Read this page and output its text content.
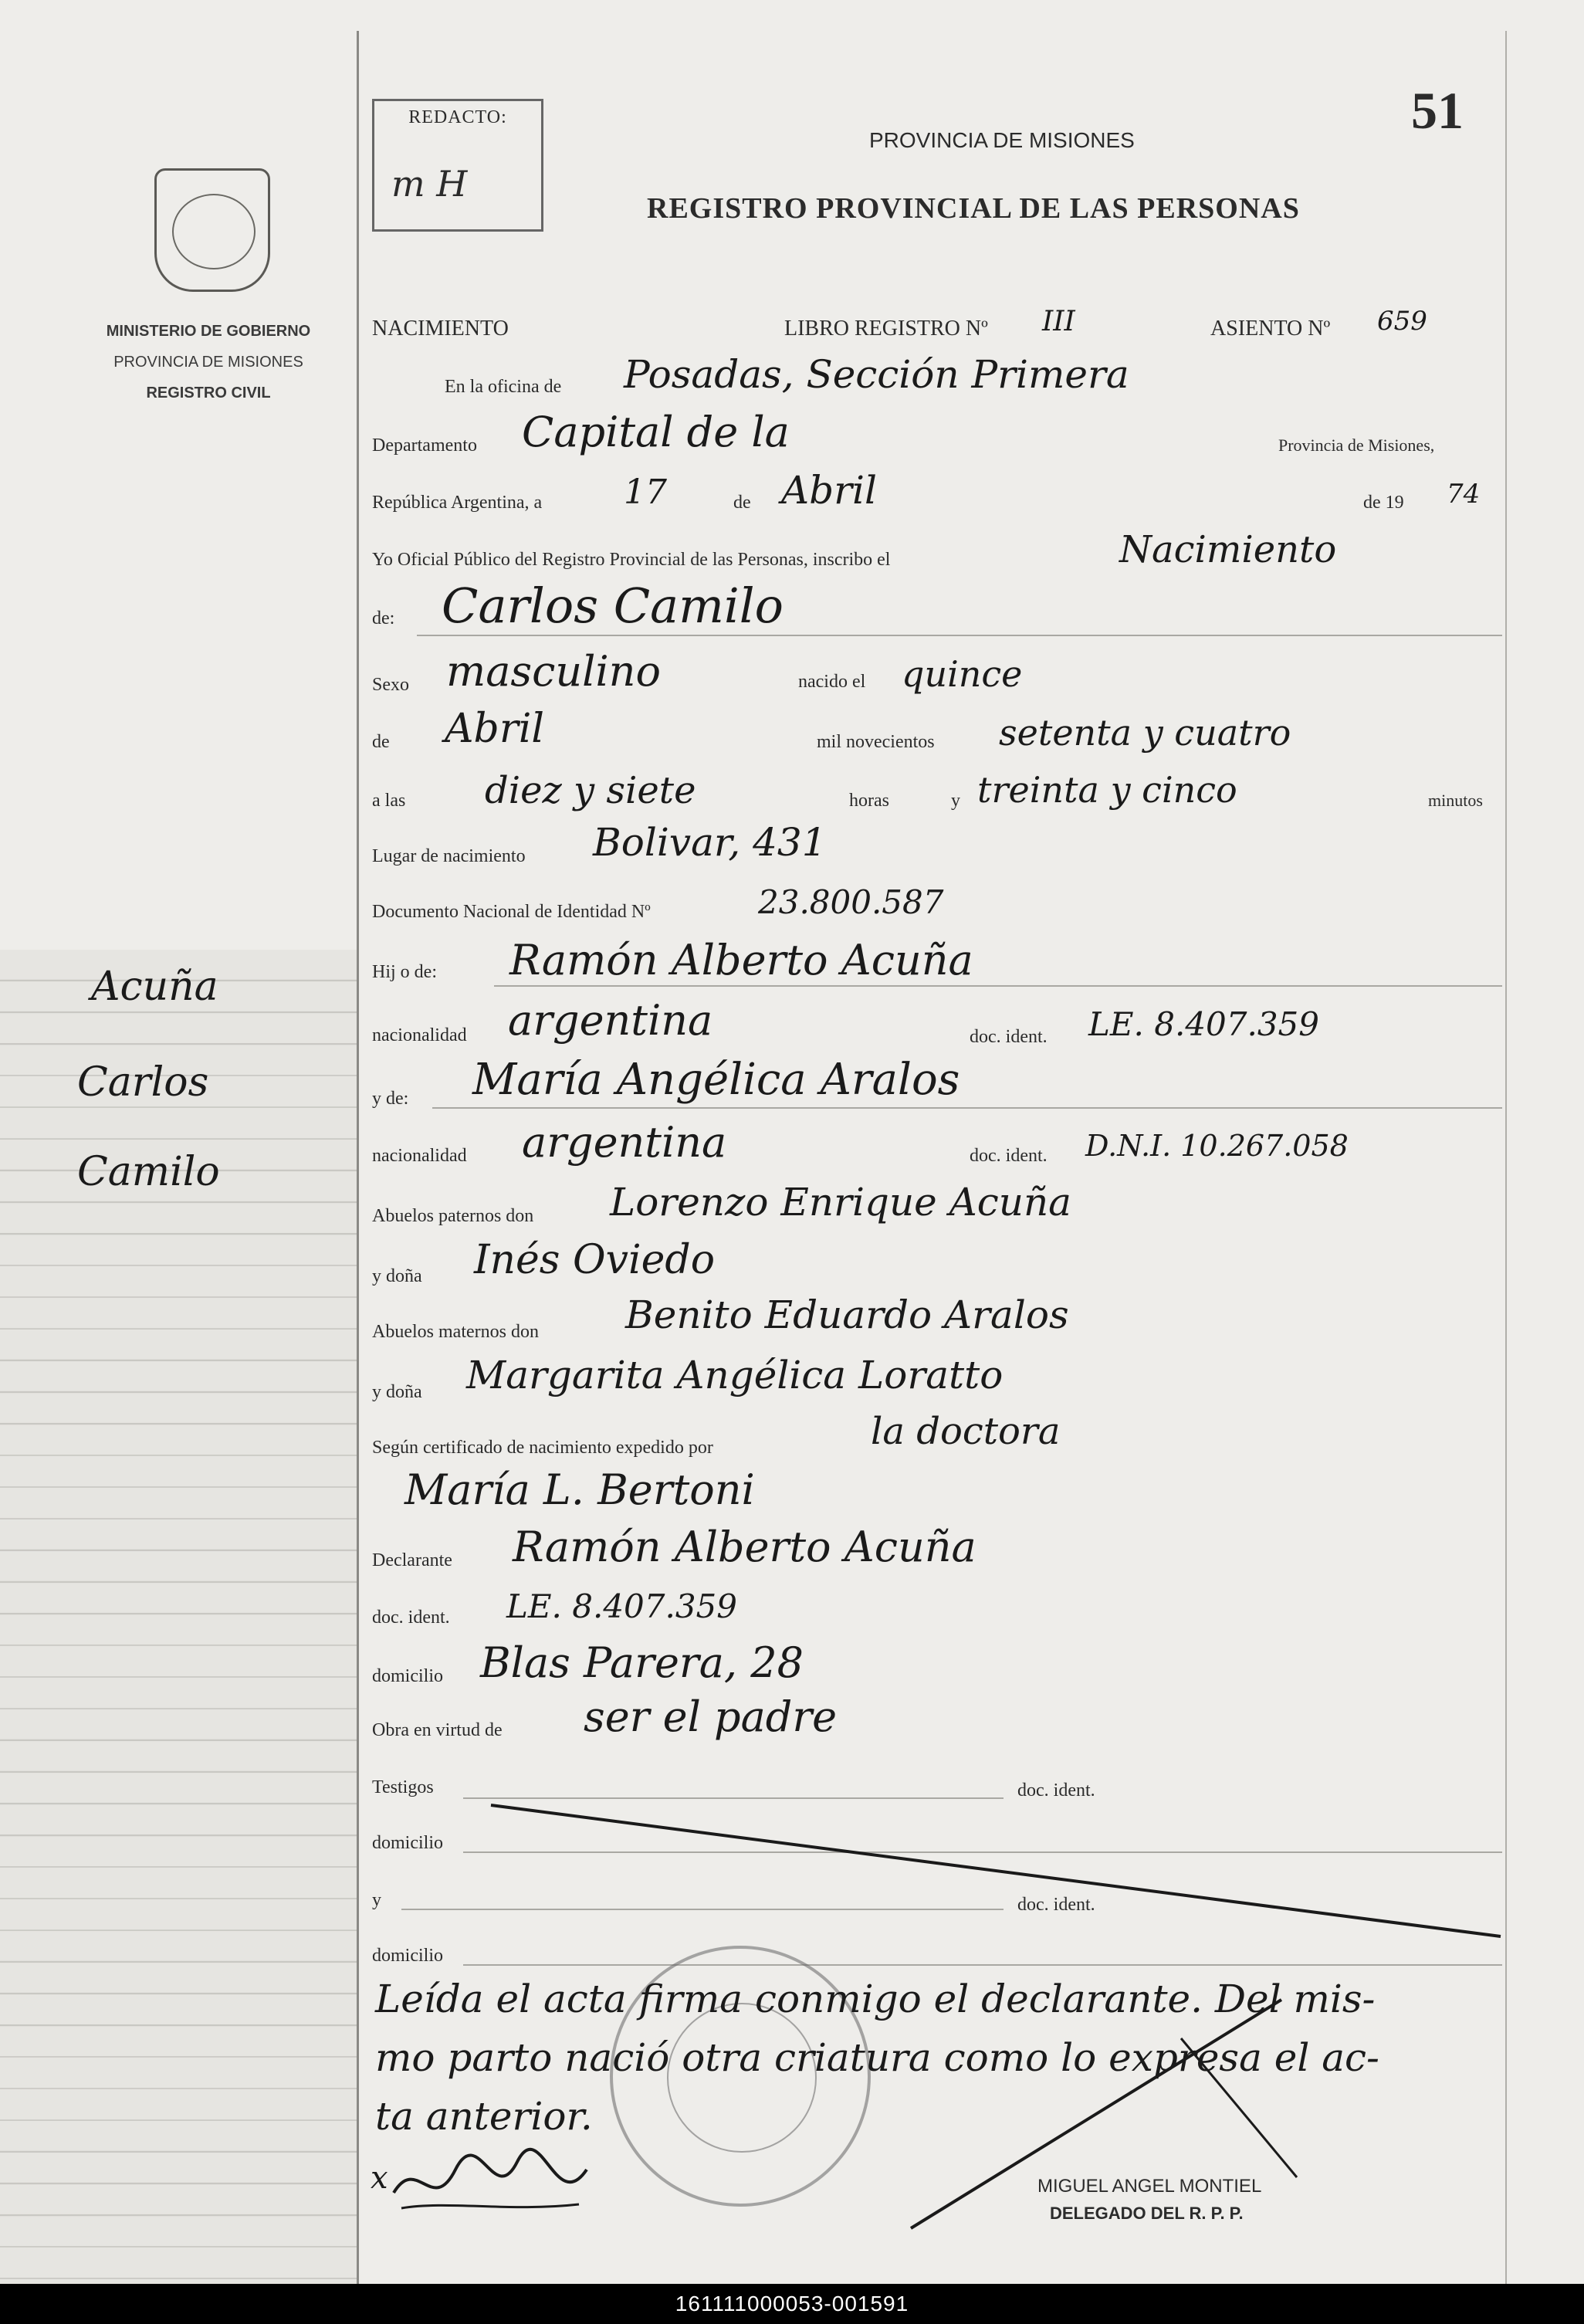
MINISTERIO DE GOBIERNO
PROVINCIA DE MISIONES
REGISTRO CIVIL
Acuña
Carlos
Camilo
REDACTO:
m H
51
PROVINCIA DE MISIONES
REGISTRO PROVINCIAL DE LAS PERSONAS
NACIMIENTO	LIBRO REGISTRO Nº III	ASIENTO Nº 659
En la oficina de Posadas, Sección Primera
Departamento Capital de la	Provincia de Misiones,
República Argentina, a 17	de Abril	de 19 74
Yo Oficial Público del Registro Provincial de las Personas, inscribo el	Nacimiento
de: Carlos Camilo
Sexo masculino	nacido el quince
de Abril	mil novecientos setenta y cuatro
a las diez y siete	horas	y treinta y cinco	minutos
Lugar de nacimiento Bolivar, 431
Documento Nacional de Identidad Nº	23.800.587
Hij o de: Ramón Alberto Acuña
nacionalidad argentina	doc. ident. LE. 8.407.359
y de: María Angélica Aralos
nacionalidad argentina	doc. ident. D.N.I. 10.267.058
Abuelos paternos don Lorenzo Enrique Acuña
y doña Inés Oviedo
Abuelos maternos don Benito Eduardo Aralos
y doña Margarita Angélica Loratto
Según certificado de nacimiento expedido por	la doctora
María L. Bertoni
Declarante Ramón Alberto Acuña
doc. ident. LE. 8.407.359
domicilio Blas Parera, 28
Obra en virtud de ser el padre
Testigos	doc. ident.
domicilio
y	doc. ident.
domicilio
Leída el acta firma conmigo el declarante. Del mis-
mo parto nació otra criatura como lo expresa el ac-
ta anterior.
x	MIGUEL ANGEL MONTIEL
DELEGADO DEL R. P. P.
161111000053-001591
